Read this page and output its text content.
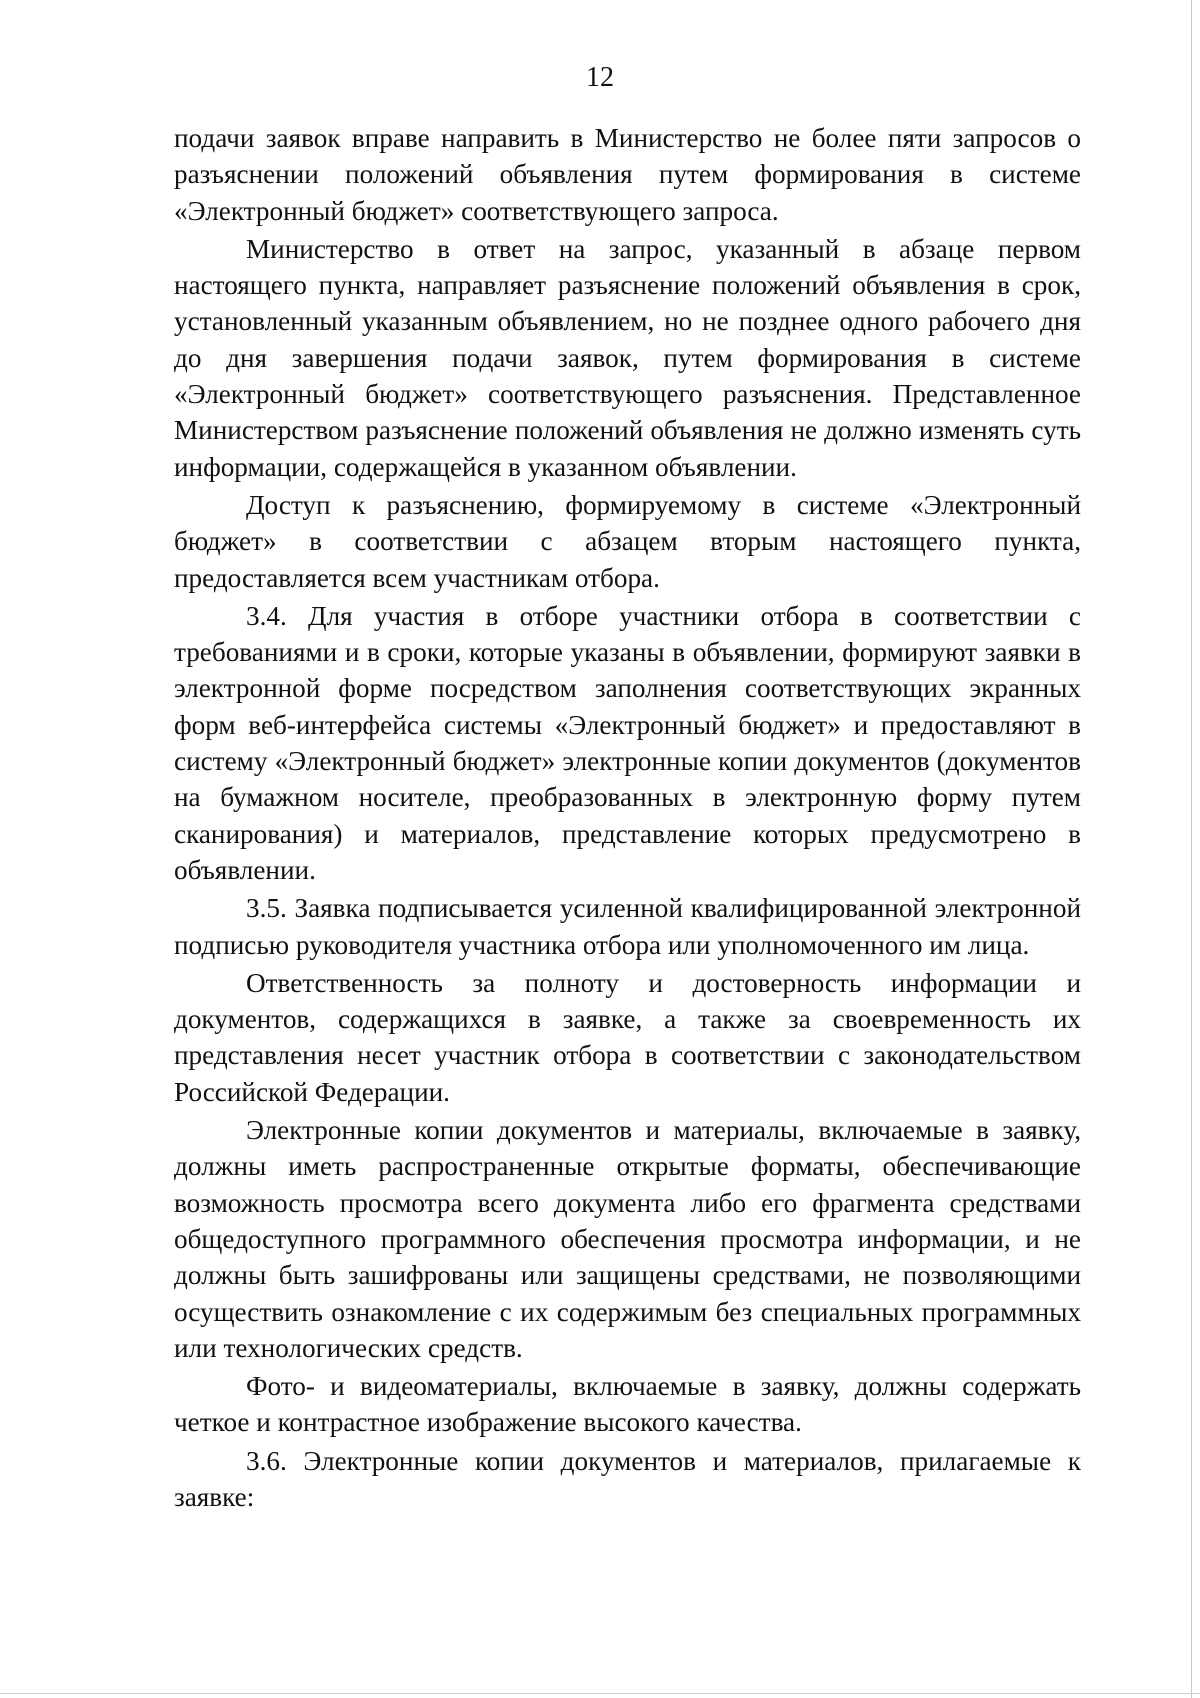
12

подачи заявок вправе направить в Министерство не более пяти запросов о разъяснении положений объявления путем формирования в системе «Электронный бюджет» соответствующего запроса.

Министерство в ответ на запрос, указанный в абзаце первом настоящего пункта, направляет разъяснение положений объявления в срок, установленный указанным объявлением, но не позднее одного рабочего дня до дня завершения подачи заявок, путем формирования в системе «Электронный бюджет» соответствующего разъяснения. Представленное Министерством разъяснение положений объявления не должно изменять суть информации, содержащейся в указанном объявлении.

Доступ к разъяснению, формируемому в системе «Электронный бюджет» в соответствии с абзацем вторым настоящего пункта, предоставляется всем участникам отбора.

3.4. Для участия в отборе участники отбора в соответствии с требованиями и в сроки, которые указаны в объявлении, формируют заявки в электронной форме посредством заполнения соответствующих экранных форм веб-интерфейса системы «Электронный бюджет» и предоставляют в систему «Электронный бюджет» электронные копии документов (документов на бумажном носителе, преобразованных в электронную форму путем сканирования) и материалов, представление которых предусмотрено в объявлении.

3.5. Заявка подписывается усиленной квалифицированной электронной подписью руководителя участника отбора или уполномоченного им лица.

Ответственность за полноту и достоверность информации и документов, содержащихся в заявке, а также за своевременность их представления несет участник отбора в соответствии с законодательством Российской Федерации.

Электронные копии документов и материалы, включаемые в заявку, должны иметь распространенные открытые форматы, обеспечивающие возможность просмотра всего документа либо его фрагмента средствами общедоступного программного обеспечения просмотра информации, и не должны быть зашифрованы или защищены средствами, не позволяющими осуществить ознакомление с их содержимым без специальных программных или технологических средств.

Фото- и видеоматериалы, включаемые в заявку, должны содержать четкое и контрастное изображение высокого качества.

3.6. Электронные копии документов и материалов, прилагаемые к заявке:
